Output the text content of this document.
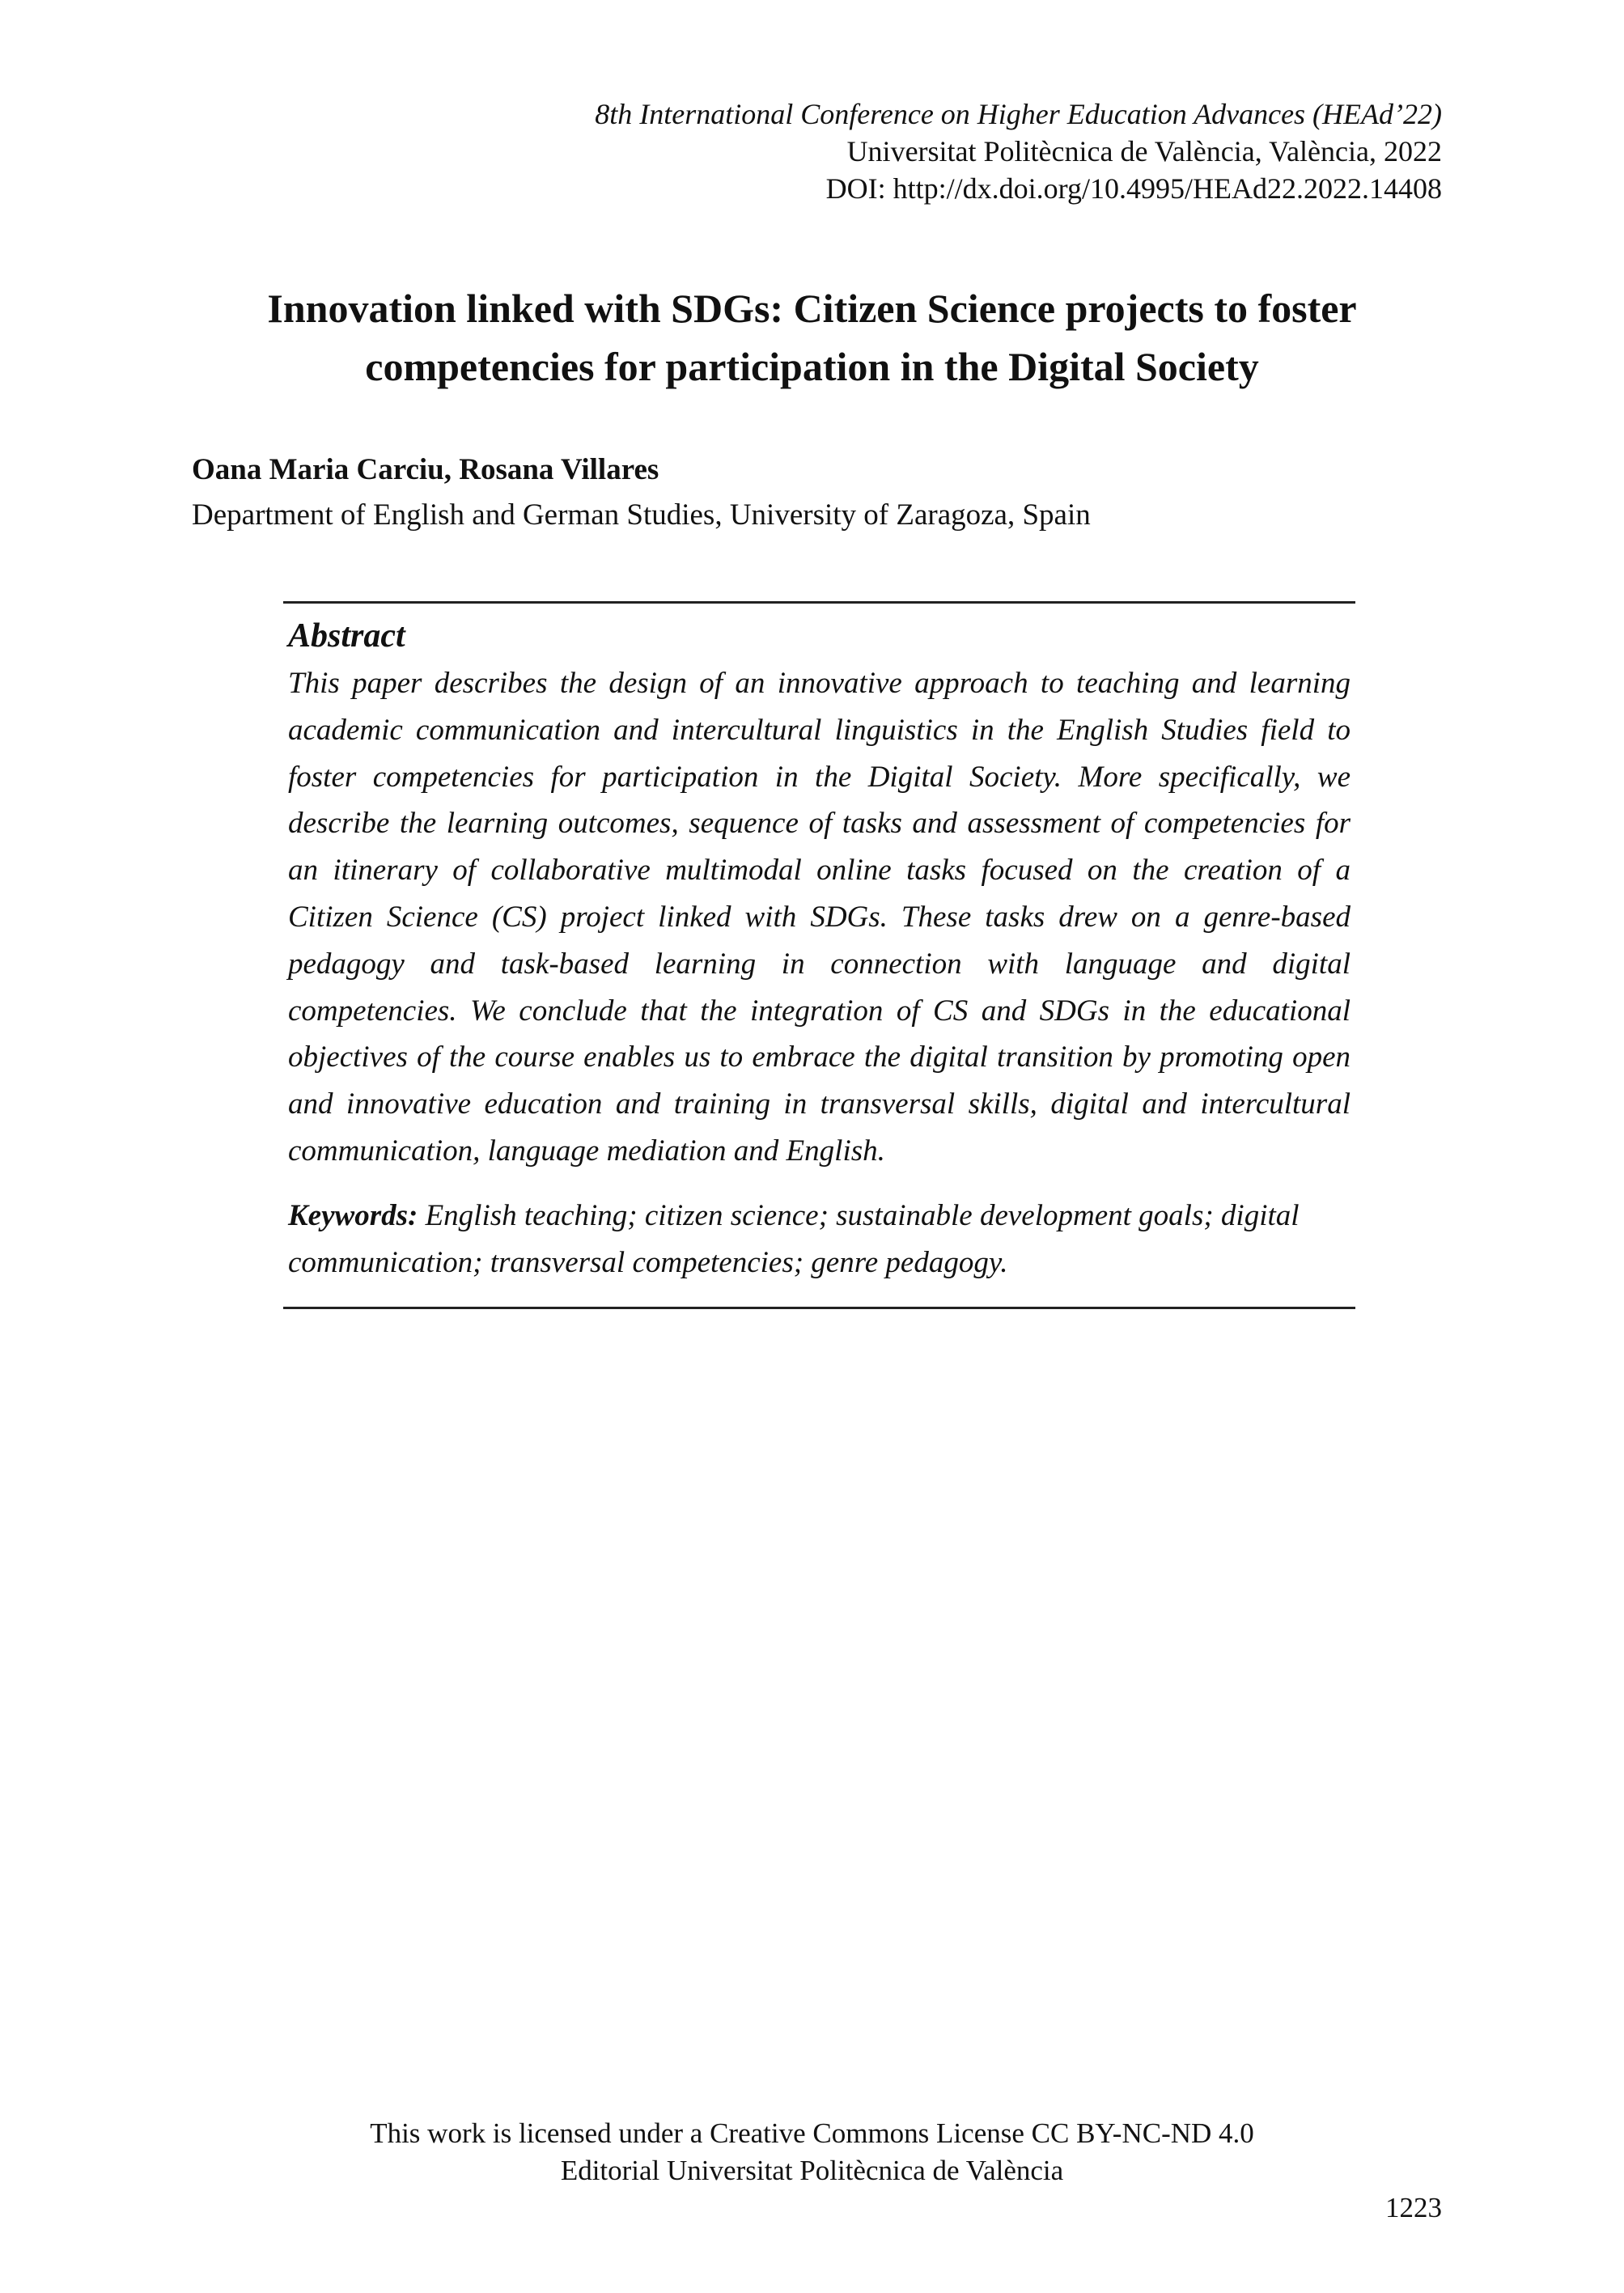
8th International Conference on Higher Education Advances (HEAd’22)
Universitat Politècnica de València, València, 2022
DOI: http://dx.doi.org/10.4995/HEAd22.2022.14408
Innovation linked with SDGs: Citizen Science projects to foster
competencies for participation in the Digital Society
Oana Maria Carciu, Rosana Villares
Department of English and German Studies, University of Zaragoza, Spain
Abstract
This paper describes the design of an innovative approach to teaching and learning academic communication and intercultural linguistics in the English Studies field to foster competencies for participation in the Digital Society. More specifically, we describe the learning outcomes, sequence of tasks and assessment of competencies for an itinerary of collaborative multimodal online tasks focused on the creation of a Citizen Science (CS) project linked with SDGs. These tasks drew on a genre-based pedagogy and task-based learning in connection with language and digital competencies. We conclude that the integration of CS and SDGs in the educational objectives of the course enables us to embrace the digital transition by promoting open and innovative education and training in transversal skills, digital and intercultural communication, language mediation and English.
Keywords: English teaching; citizen science; sustainable development goals; digital communication; transversal competencies; genre pedagogy.
This work is licensed under a Creative Commons License CC BY-NC-ND 4.0
Editorial Universitat Politècnica de València
1223
